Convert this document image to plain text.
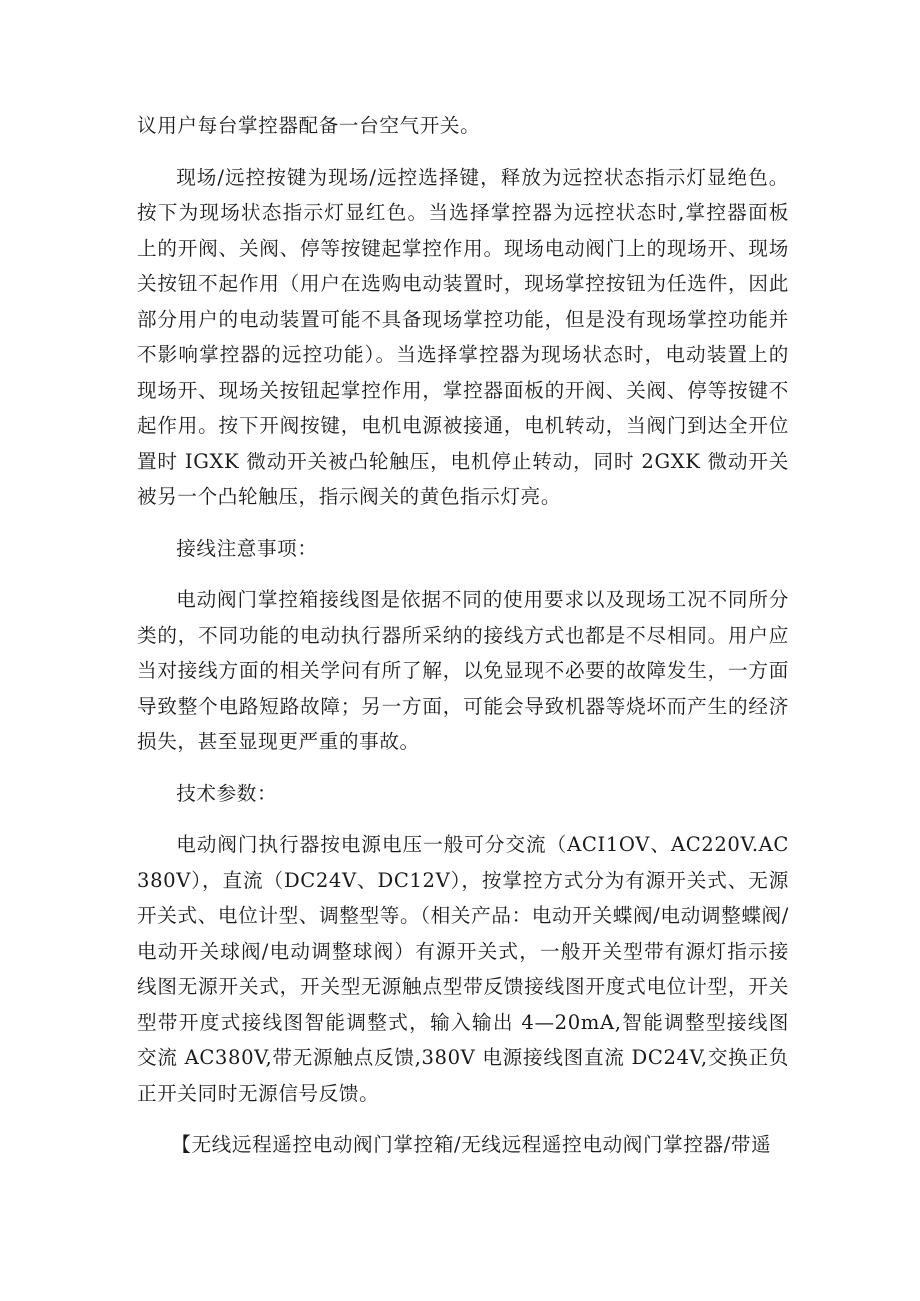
议用户每台掌控器配备一台空气开关。

现场/远控按键为现场/远控选择键，释放为远控状态指示灯显绝色。按下为现场状态指示灯显红色。当选择掌控器为远控状态时,掌控器面板上的开阀、关阀、停等按键起掌控作用。现场电动阀门上的现场开、现场关按钮不起作用（用户在选购电动装置时，现场掌控按钮为任选件，因此部分用户的电动装置可能不具备现场掌控功能，但是没有现场掌控功能并不影响掌控器的远控功能）。当选择掌控器为现场状态时，电动装置上的现场开、现场关按钮起掌控作用，掌控器面板的开阀、关阀、停等按键不起作用。按下开阀按键，电机电源被接通，电机转动，当阀门到达全开位置时 IGXK 微动开关被凸轮触压，电机停止转动，同时 2GXK 微动开关被另一个凸轮触压，指示阀关的黄色指示灯亮。

接线注意事项：

电动阀门掌控箱接线图是依据不同的使用要求以及现场工况不同所分类的，不同功能的电动执行器所采纳的接线方式也都是不尽相同。用户应当对接线方面的相关学问有所了解，以免显现不必要的故障发生，一方面导致整个电路短路故障；另一方面，可能会导致机器等烧坏而产生的经济损失，甚至显现更严重的事故。

技术参数：

电动阀门执行器按电源电压一般可分交流（ACI1OV、AC220V.AC380V），直流（DC24V、DC12V），按掌控方式分为有源开关式、无源开关式、电位计型、调整型等。（相关产品：电动开关蝶阀/电动调整蝶阀/电动开关球阀/电动调整球阀）有源开关式，一般开关型带有源灯指示接线图无源开关式，开关型无源触点型带反馈接线图开度式电位计型，开关型带开度式接线图智能调整式，输入输出 4—20mA,智能调整型接线图交流 AC380V,带无源触点反馈,380V 电源接线图直流 DC24V,交换正负正开关同时无源信号反馈。

【无线远程遥控电动阀门掌控箱/无线远程遥控电动阀门掌控器/带遥
